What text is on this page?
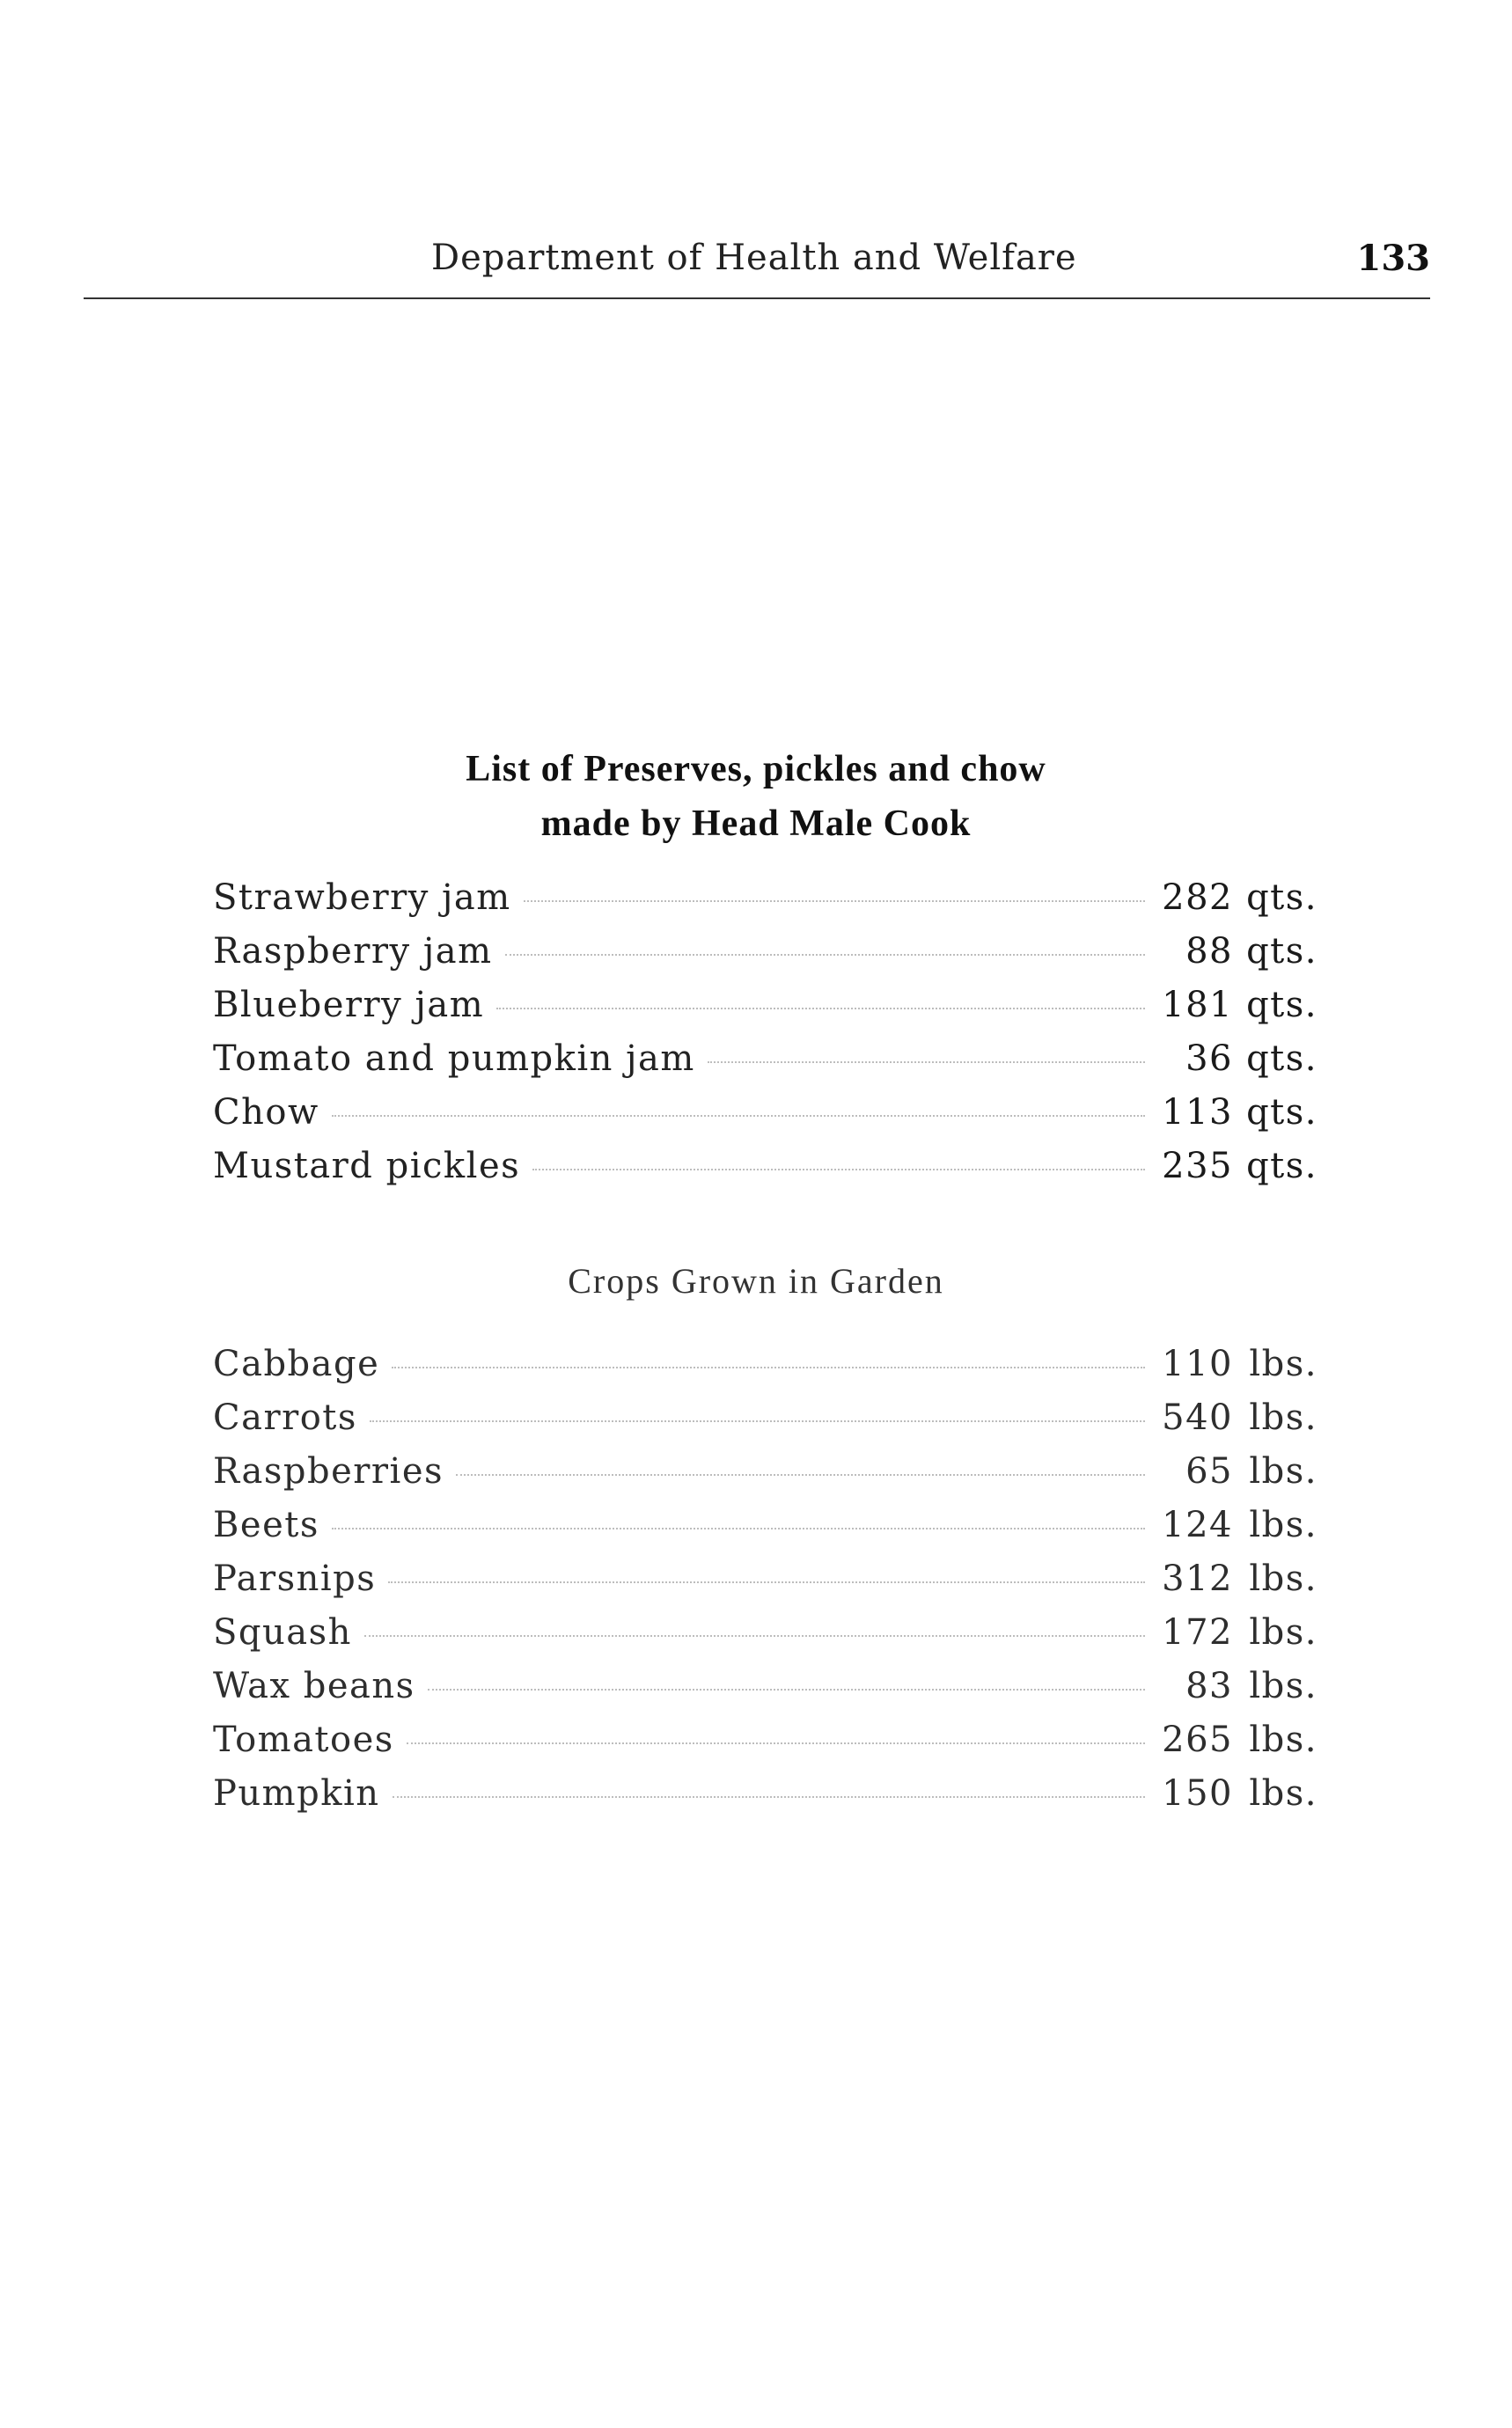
Department of Health and Welfare	133
List of Preserves, pickles and chow
made by Head Male Cook
Strawberry jam	282 qts.
Raspberry jam	88 qts.
Blueberry jam	181 qts.
Tomato and pumpkin jam	36 qts.
Chow	113 qts.
Mustard pickles	235 qts.
Crops Grown in Garden
Cabbage	110 lbs.
Carrots	540 lbs.
Raspberries	65 lbs.
Beets	124 lbs.
Parsnips	312 lbs.
Squash	172 lbs.
Wax beans	83 lbs.
Tomatoes	265 lbs.
Pumpkin	150 lbs.
